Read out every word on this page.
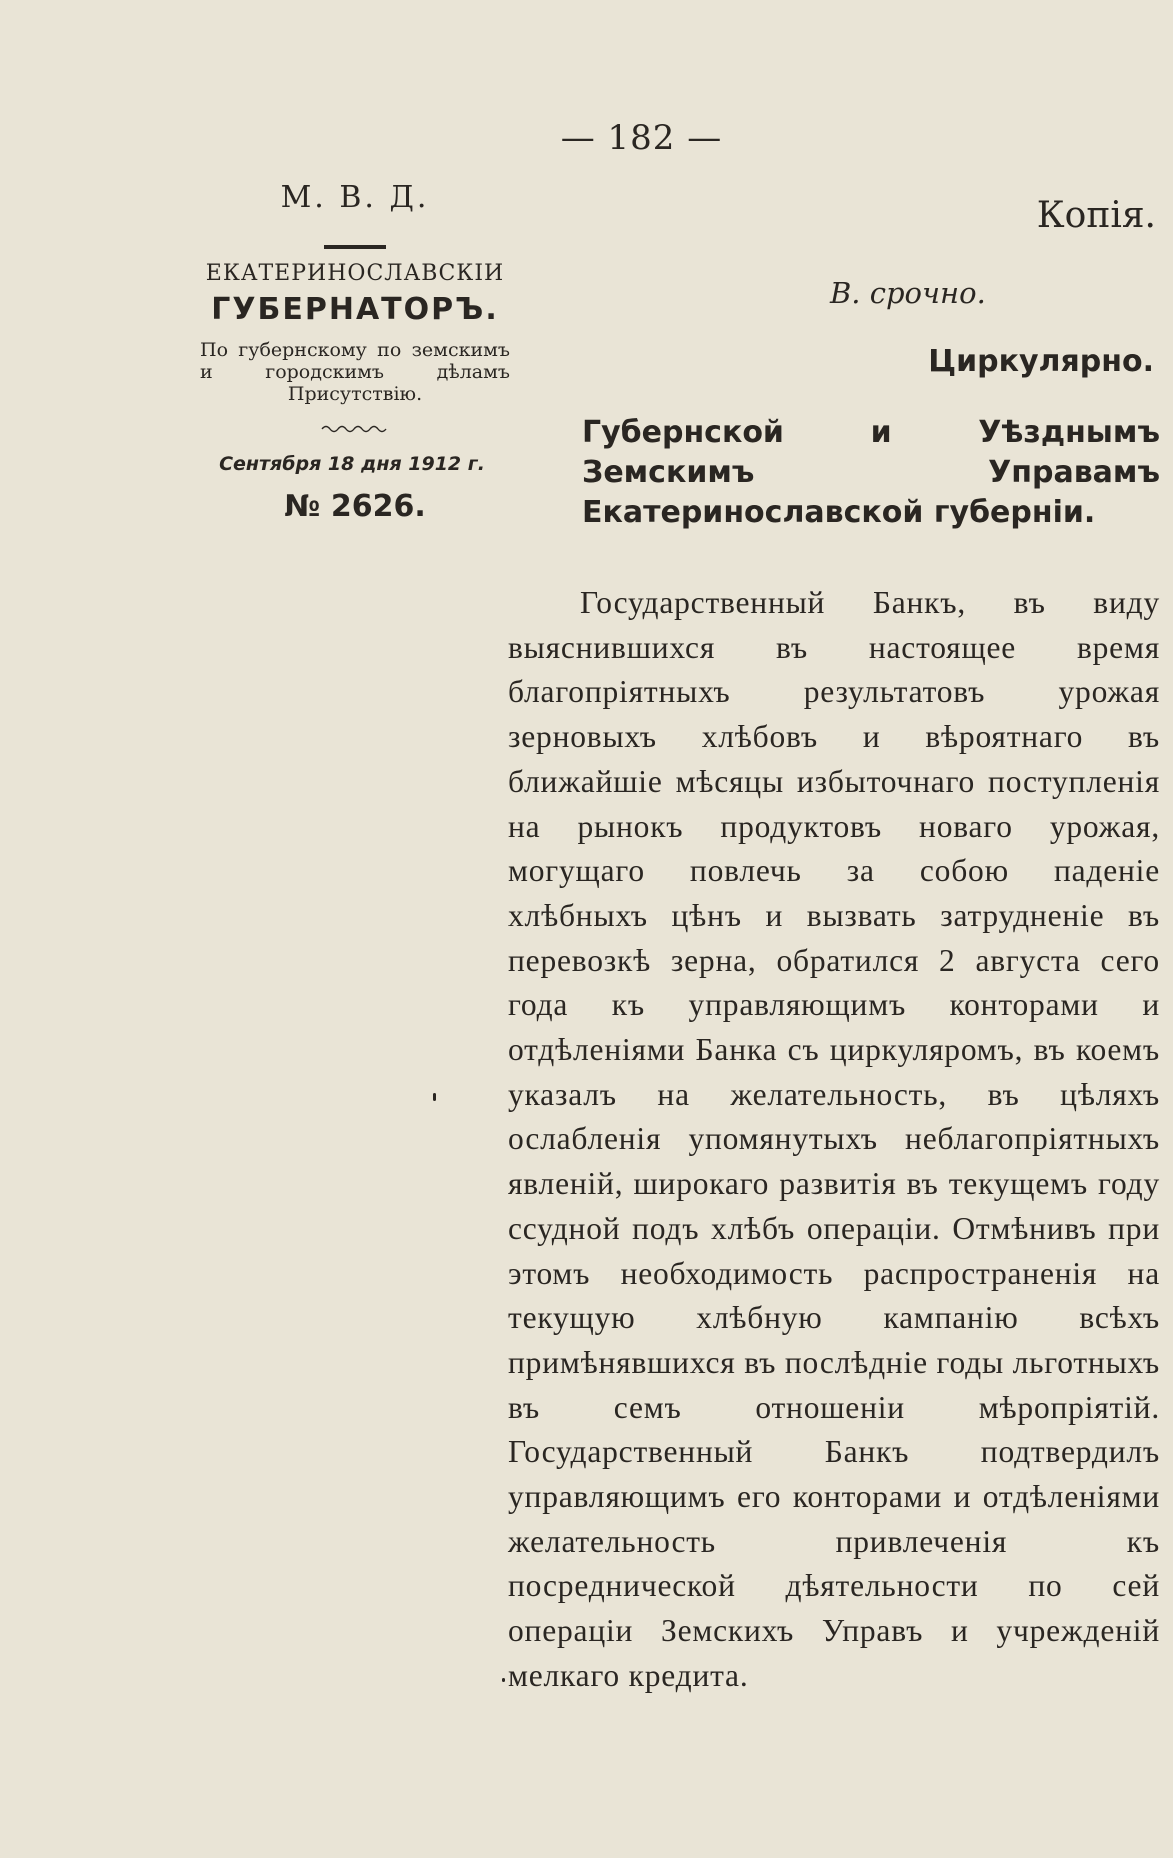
— 182 —
М. В. Д.
ЕКАТЕРИНОСЛАВСКІИ
ГУБЕРНАТОРЪ.
По губернскому по земскимъ и городскимъ дѣламъ Присутствію.
Сентября 18 дня 1912 г.
№ 2626.
Копія.
В. срочно.
Циркулярно.
Губернской и Уѣзднымъ Земскимъ Управамъ Екатеринославской губерніи.
Государственный Банкъ, въ виду выяснившихся въ настоящее время благопріятныхъ результатовъ урожая зерновыхъ хлѣбовъ и вѣроятнаго въ ближайшіе мѣсяцы избыточнаго поступленія на рынокъ продуктовъ новаго урожая, могущаго повлечь за собою паденіе хлѣбныхъ цѣнъ и вызвать затрудненіе въ перевозкѣ зерна, обратился 2 августа сего года къ управляющимъ конторами и отдѣленіями Банка съ циркуляромъ, въ коемъ указалъ на желательность, въ цѣляхъ ослабленія упомянутыхъ неблагопріятныхъ явленій, широкаго развитія въ текущемъ году ссудной подъ хлѣбъ операціи. Отмѣнивъ при этомъ необходимость распространенія на текущую хлѣбную кампанію всѣхъ примѣнявшихся въ послѣдніе годы льготныхъ въ семъ отношеніи мѣропріятій. Государственный Банкъ подтвердилъ управляющимъ его конторами и отдѣленіями желательность привлеченія къ посредничеcкой дѣятельности по сей операціи Земскихъ Управъ и учрежденій мелкаго кредита.
